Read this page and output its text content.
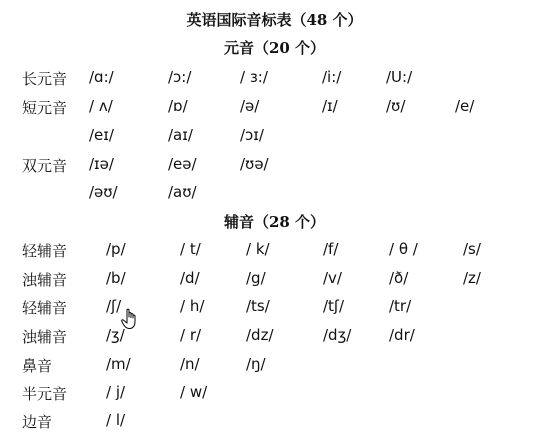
英语国际音标表（48 个）
元音（20 个）
长元音 /ɑ:/	/ɔ:/	/ ɜ:/	/i:/	/U:/
短元音 / ʌ/	/ɒ/	/ə/	/ɪ/	/ʊ/	/e/
/eɪ/	/aɪ/	/ɔɪ/
双元音 /ɪə/	/eə/	/ʊə/
/əʊ/	/aʊ/
辅音（28 个）
轻辅音	/p/	/ t/	/ k/	/f/	/ θ /	/s/
浊辅音	/b/	/d/	/g/	/v/	/ð/	/z/
轻辅音	/ʃ/	/ h/	/ts/	/tʃ/	/tr/
浊辅音	/ʒ/	/ r/	/dz/	/dʒ/	/dr/
鼻音	/m/	/n/	/ŋ/
半元音	/ j/	/ w/
边音	/ l/
